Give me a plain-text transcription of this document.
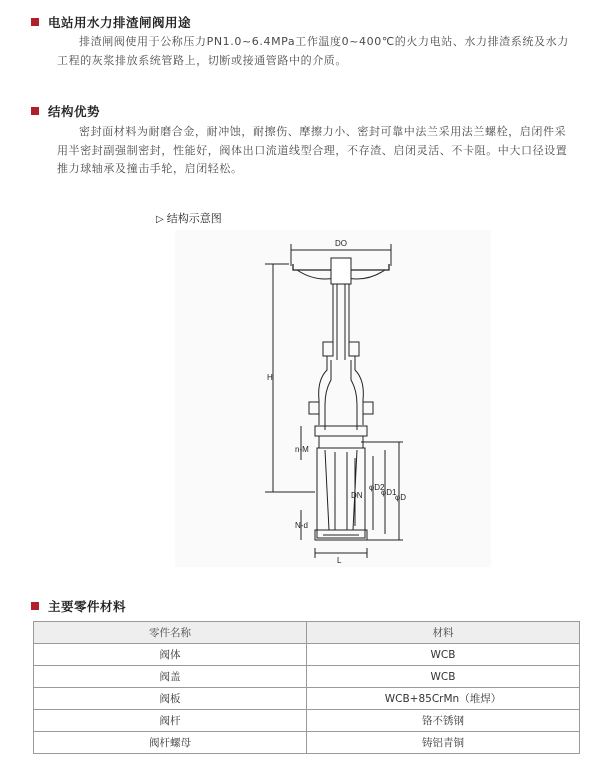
电站用水力排渣闸阀用途

排渣闸阀使用于公称压力PN1.0~6.4MPa工作温度0~400℃的火力电站、水力排渣系统及水力工程的灰浆排放系统管路上，切断或接通管路中的介质。

结构优势

密封面材料为耐磨合金，耐冲蚀，耐擦伤、摩擦力小、密封可靠中法兰采用法兰螺栓，启闭件采用半密封副强制密封，性能好，阀体出口流道线型合理，不存渣、启闭灵活、不卡阻。中大口径设置推力球轴承及撞击手轮，启闭轻松。

▷ 结构示意图
DO
H
n-M
N-d
DN
φD2
φD1
φD
L
主要零件材料
零件名称	材料
阀体	WCB
阀盖	WCB
阀板	WCB+85CrMn（堆焊）
阀杆	铬不锈钢
阀杆螺母	铸铝青铜
